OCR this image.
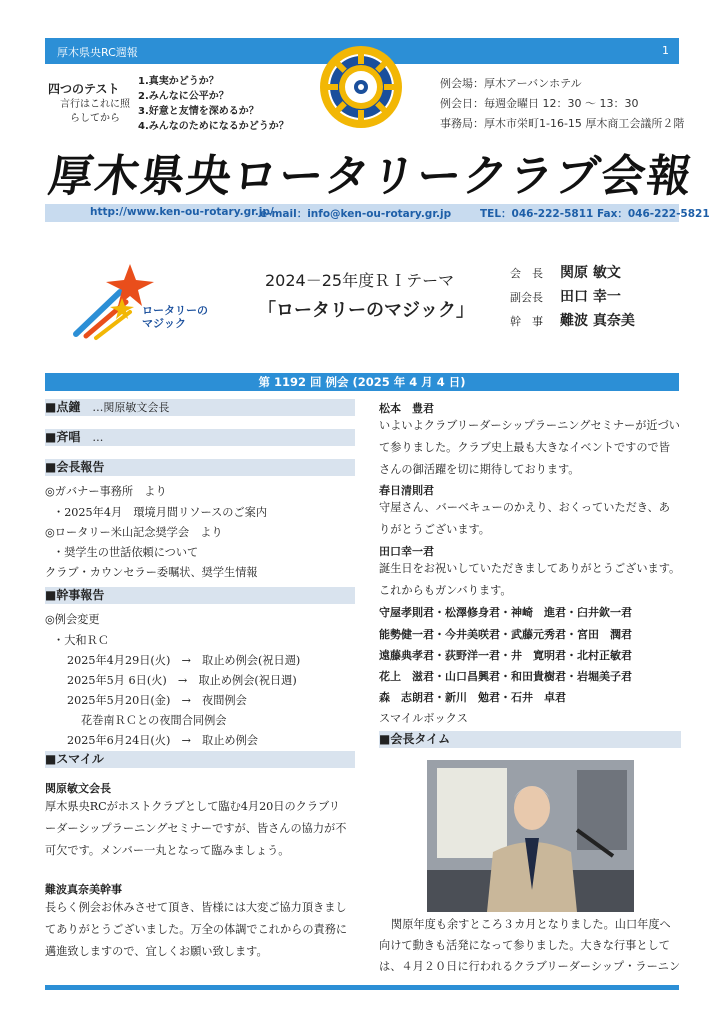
厚木県央RC週報	1
四つのテスト
言行はこれに照らしてから
1.真実かどうか？
2.みんなに公平か？
3.好意と友情を深めるか？
4.みんなのためになるかどうか？
例会場：厚木アーバンホテル
例会日：毎週金曜日 12：30 〜 13：30
事務局：厚木市栄町1-16-15 厚木商工会議所２階
厚木県央ロータリークラブ会報
http://www.ken-ou-rotary.gr.jp/
e-mail：info@ken-ou-rotary.gr.jp	TEL：046-222-5811 Fax：046-222-5821
ロータリーの
マジック
2024－25年度ＲＩテーマ
「ロータリーのマジック」
会　長 関原 敏文
副会長 田口 幸一
幹　事 難波 真奈美
第 1192 回 例会 (2025 年 4 月 4 日)
■点鐘　 …関原敏文会長
■斉唱　 …
■会長報告
◎ガバナー事務所　より
・2025年4月　環境月間リソースのご案内
◎ロータリー米山記念奨学会　より
・奨学生の世話依頼について
クラブ・カウンセラー委嘱状、奨学生情報
■幹事報告
◎例会変更
・大和ＲＣ
2025年4月29日(火)　→　取止め例会(祝日週)
2025年5月 6日(火)　→　取止め例会(祝日週)
2025年5月20日(金)　→　夜間例会
花巻南ＲＣとの夜間合同例会
2025年6月24日(火)　→　取止め例会
■スマイル
関原敏文会長
厚木県央RCがホストクラブとして臨む4月20日のクラブリーダーシップラーニングセミナーですが、皆さんの協力が不可欠です。メンバー一丸となって臨みましょう。
難波真奈美幹事
長らく例会お休みさせて頂き、皆様には大変ご協力頂きましてありがとうございました。万全の体調でこれからの責務に邁進致しますので、宜しくお願い致します。
松本　豊君
いよいよクラブリーダーシップラーニングセミナーが近づいて参りました。クラブ史上最も大きなイベントですので皆さんの御活躍を切に期待しております。
春日清則君
守屋さん、バーベキューのかえり、おくっていただき、ありがとうございます。
田口幸一君
誕生日をお祝いしていただきましてありがとうございます。これからもガンバります。
守屋孝則君・松澤修身君・神崎　進君・臼井欽一君
能勢健一君・今井美咲君・武藤元秀君・宮田　潤君
遠藤典孝君・荻野洋一君・井　寛明君・北村正敏君
花上　滋君・山口昌興君・和田貴樹君・岩堀美子君
森　志朗君・新川　勉君・石井　卓君
スマイルボックス
■会長タイム
関原年度も余すところ３カ月となりました。山口年度へ向けて動きも活発になって参りました。大きな行事としては、４月２０日に行われるクラブリーダーシップ・ラーニン
